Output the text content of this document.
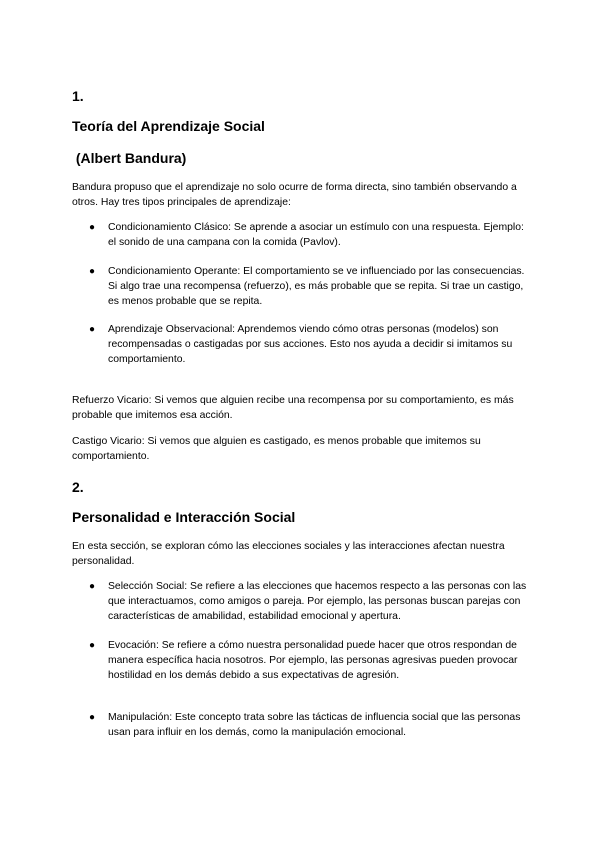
1.
Teoría del Aprendizaje Social
(Albert Bandura)
Bandura propuso que el aprendizaje no solo ocurre de forma directa, sino también observando a otros. Hay tres tipos principales de aprendizaje:
● Condicionamiento Clásico: Se aprende a asociar un estímulo con una respuesta. Ejemplo: el sonido de una campana con la comida (Pavlov).
● Condicionamiento Operante: El comportamiento se ve influenciado por las consecuencias. Si algo trae una recompensa (refuerzo), es más probable que se repita. Si trae un castigo, es menos probable que se repita.
● Aprendizaje Observacional: Aprendemos viendo cómo otras personas (modelos) son recompensadas o castigadas por sus acciones. Esto nos ayuda a decidir si imitamos su comportamiento.
Refuerzo Vicario: Si vemos que alguien recibe una recompensa por su comportamiento, es más probable que imitemos esa acción.
Castigo Vicario: Si vemos que alguien es castigado, es menos probable que imitemos su comportamiento.
2.
Personalidad e Interacción Social
En esta sección, se exploran cómo las elecciones sociales y las interacciones afectan nuestra personalidad.
● Selección Social: Se refiere a las elecciones que hacemos respecto a las personas con las que interactuamos, como amigos o pareja. Por ejemplo, las personas buscan parejas con características de amabilidad, estabilidad emocional y apertura.
● Evocación: Se refiere a cómo nuestra personalidad puede hacer que otros respondan de manera específica hacia nosotros. Por ejemplo, las personas agresivas pueden provocar hostilidad en los demás debido a sus expectativas de agresión.
● Manipulación: Este concepto trata sobre las tácticas de influencia social que las personas usan para influir en los demás, como la manipulación emocional.
